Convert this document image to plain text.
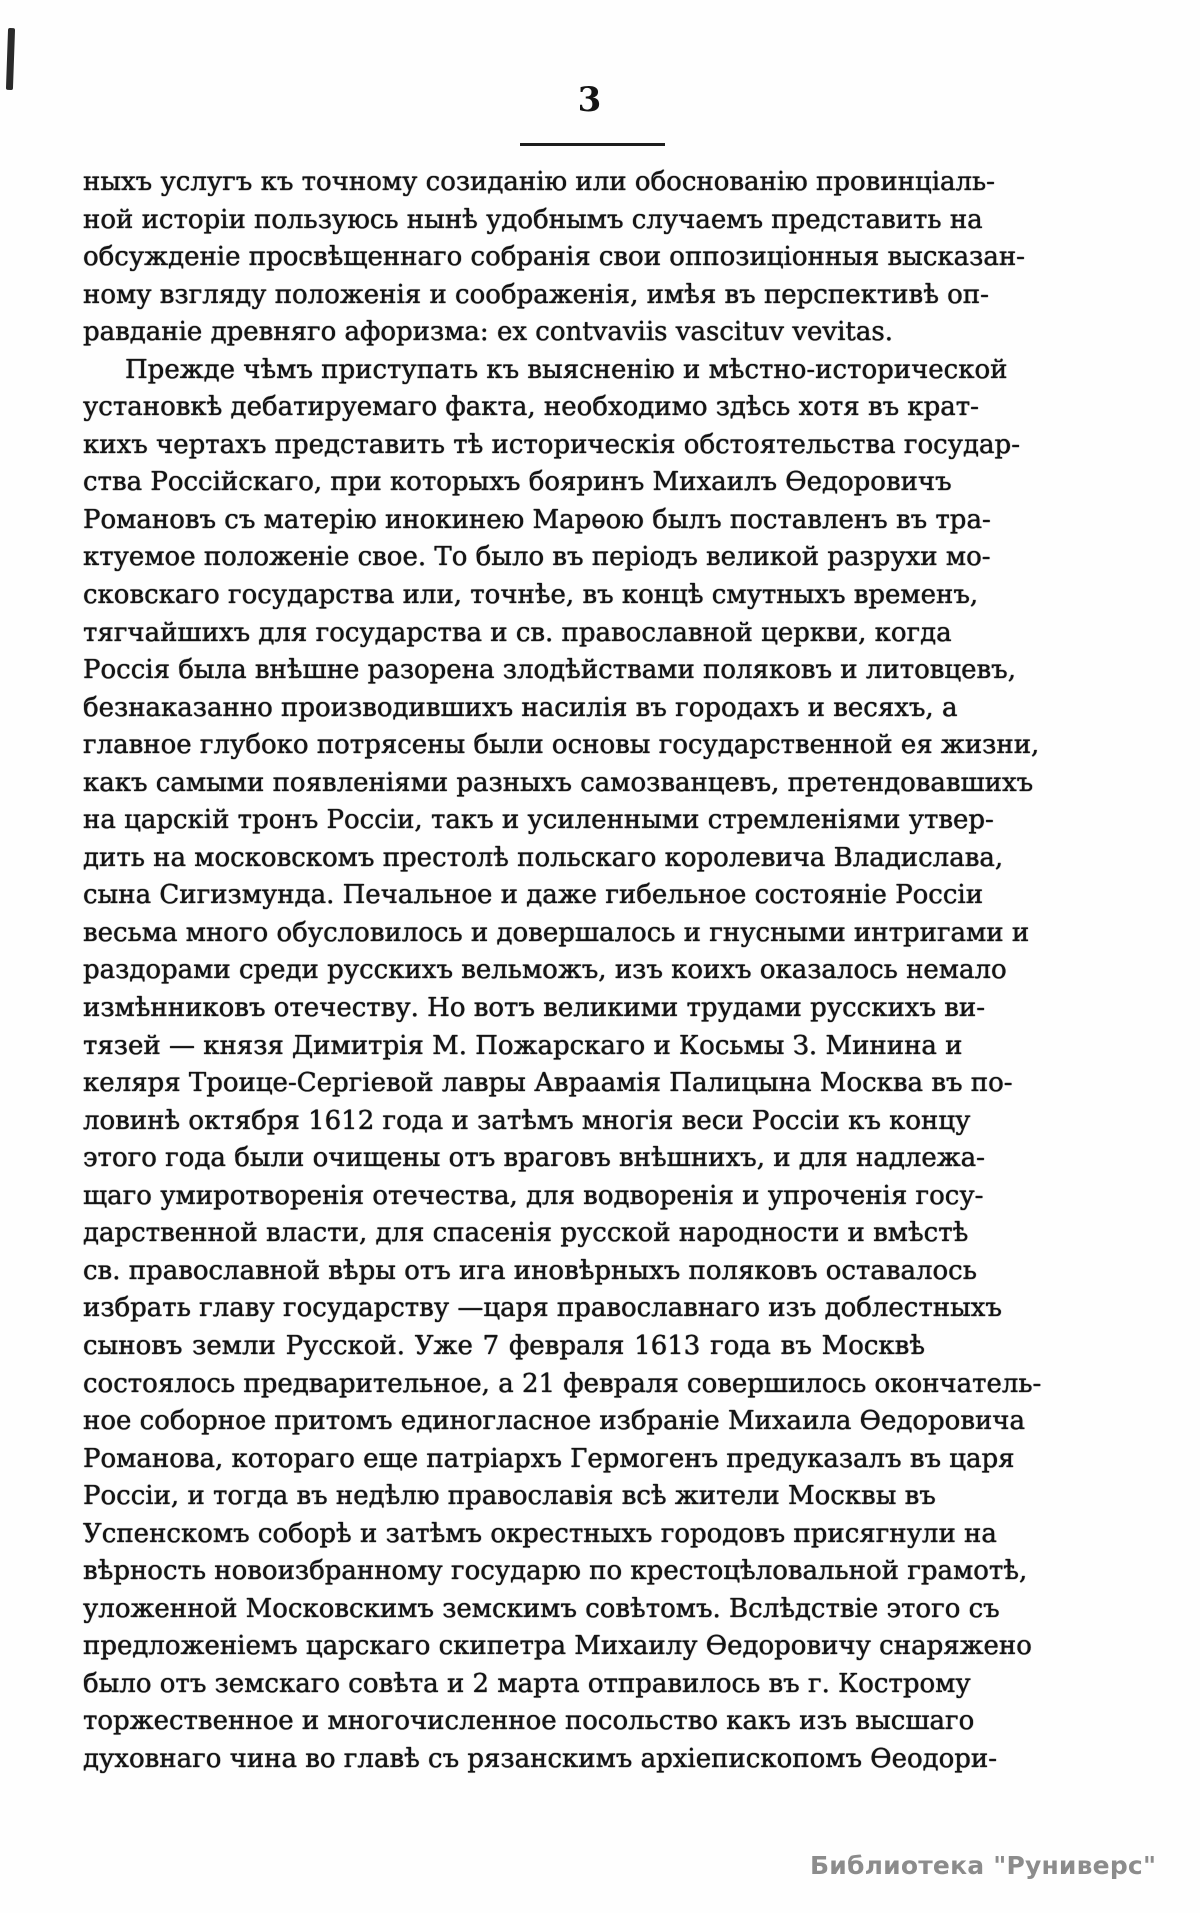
3
ныхъ услугъ къ точному созиданію или обоснованію провинціаль-
ной исторіи пользуюсь нынѣ удобнымъ случаемъ представить на
обсужденіе просвѣщеннаго собранія свои оппозиціонныя высказан-
ному взгляду положенія и соображенія, имѣя въ перспективѣ оп-
равданіе древняго афоризма: ex contvaviis vascituv vevitas.
Прежде чѣмъ приступать къ выясненію и мѣстно-исторической
установкѣ дебатируемаго факта, необходимо здѣсь хотя въ крат-
кихъ чертахъ представить тѣ историческія обстоятельства государ-
ства Россійскаго, при которыхъ бояринъ Михаилъ Ѳедоровичъ
Романовъ съ матерію инокинею Марѳою былъ поставленъ въ тра-
ктуемое положеніе свое. То было въ періодъ великой разрухи мо-
сковскаго государства или, точнѣе, въ концѣ смутныхъ временъ,
тягчайшихъ для государства и св. православной церкви, когда
Россія была внѣшне разорена злодѣйствами поляковъ и литовцевъ,
безнаказанно производившихъ насилія въ городахъ и весяхъ, а
главное глубоко потрясены были основы государственной ея жизни,
какъ самыми появленіями разныхъ самозванцевъ, претендовавшихъ
на царскій тронъ Россіи, такъ и усиленными стремленіями утвер-
дить на московскомъ престолѣ польскаго королевича Владислава,
сына Сигизмунда. Печальное и даже гибельное состояніе Россіи
весьма много обусловилось и довершалось и гнусными интригами и
раздорами среди русскихъ вельможъ, изъ коихъ оказалось немало
измѣнниковъ отечеству. Но вотъ великими трудами русскихъ ви-
тязей — князя Димитрія М. Пожарскаго и Косьмы З. Минина и
келяря Троице-Сергіевой лавры Авраамія Палицына Москва въ по-
ловинѣ октября 1612 года и затѣмъ многія веси Россіи къ концу
этого года были очищены отъ враговъ внѣшнихъ, и для надлежа-
щаго умиротворенія отечества, для водворенія и упроченія госу-
дарственной власти, для спасенія русской народности и вмѣстѣ
св. православной вѣры отъ ига иновѣрныхъ поляковъ оставалось
избрать главу государству —царя православнаго изъ доблестныхъ
сыновъ земли Русской. Уже 7 февраля 1613 года въ Москвѣ
состоялось предварительное, а 21 февраля совершилось окончатель-
ное соборное притомъ единогласное избраніе Михаила Ѳедоровича
Романова, котораго еще патріархъ Гермогенъ предуказалъ въ царя
Россіи, и тогда въ недѣлю православія всѣ жители Москвы въ
Успенскомъ соборѣ и затѣмъ окрестныхъ городовъ присягнули на
вѣрность новоизбранному государю по крестоцѣловальной грамотѣ,
уложенной Московскимъ земскимъ совѣтомъ. Вслѣдствіе этого съ
предложеніемъ царскаго скипетра Михаилу Ѳедоровичу снаряжено
было отъ земскаго совѣта и 2 марта отправилось въ г. Кострому
торжественное и многочисленное посольство какъ изъ высшаго
духовнаго чина во главѣ съ рязанскимъ архіепископомъ Ѳеодори-
Библиотека "Руниверс"
